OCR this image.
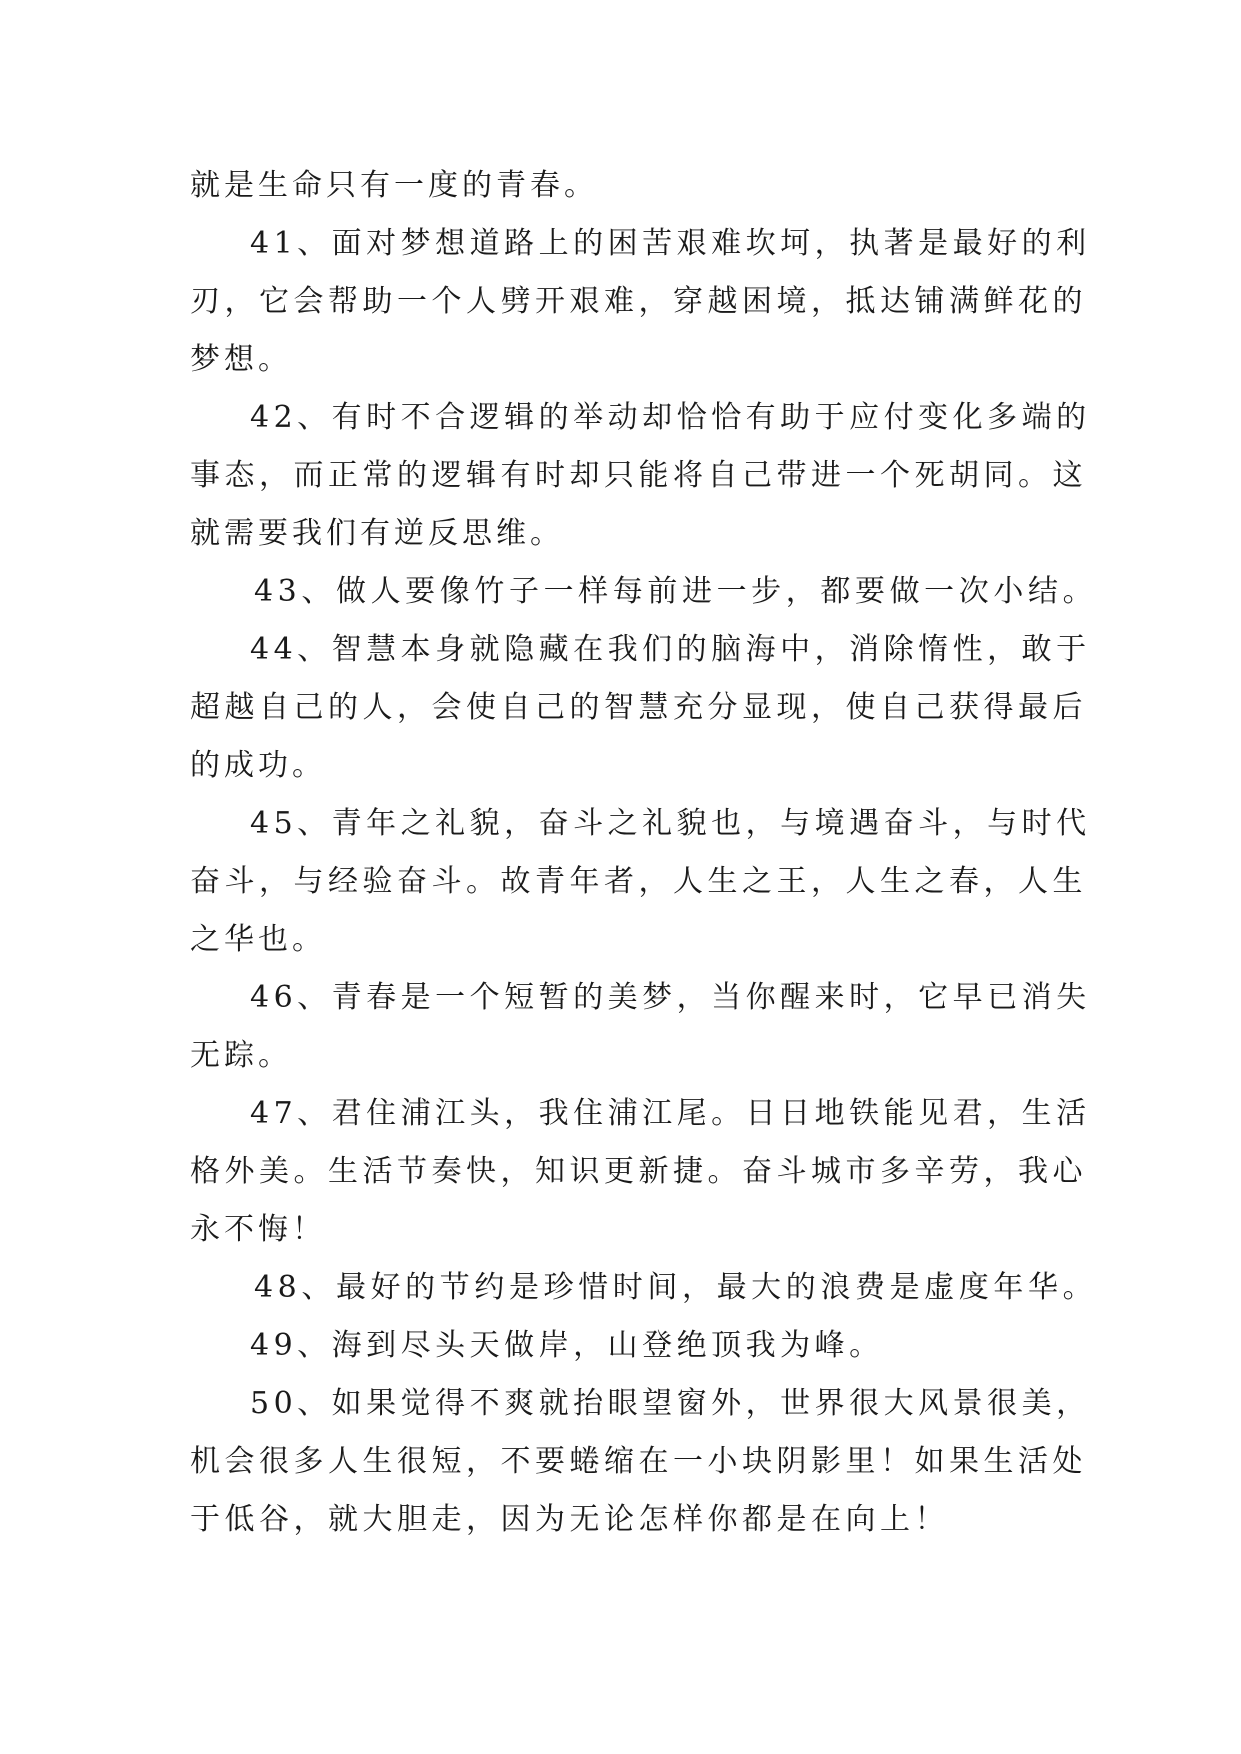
就是生命只有一度的青春。
41、面对梦想道路上的困苦艰难坎坷，执著是最好的利
刃，它会帮助一个人劈开艰难，穿越困境，抵达铺满鲜花的
梦想。
42、有时不合逻辑的举动却恰恰有助于应付变化多端的
事态，而正常的逻辑有时却只能将自己带进一个死胡同。这
就需要我们有逆反思维。
43、做人要像竹子一样每前进一步，都要做一次小结。
44、智慧本身就隐藏在我们的脑海中，消除惰性，敢于
超越自己的人，会使自己的智慧充分显现，使自己获得最后
的成功。
45、青年之礼貌，奋斗之礼貌也，与境遇奋斗，与时代
奋斗，与经验奋斗。故青年者，人生之王，人生之春，人生
之华也。
46、青春是一个短暂的美梦，当你醒来时，它早已消失
无踪。
47、君住浦江头，我住浦江尾。日日地铁能见君，生活
格外美。生活节奏快，知识更新捷。奋斗城市多辛劳，我心
永不悔！
48、最好的节约是珍惜时间，最大的浪费是虚度年华。
49、海到尽头天做岸，山登绝顶我为峰。
50、如果觉得不爽就抬眼望窗外，世界很大风景很美，
机会很多人生很短，不要蜷缩在一小块阴影里！如果生活处
于低谷，就大胆走，因为无论怎样你都是在向上！
